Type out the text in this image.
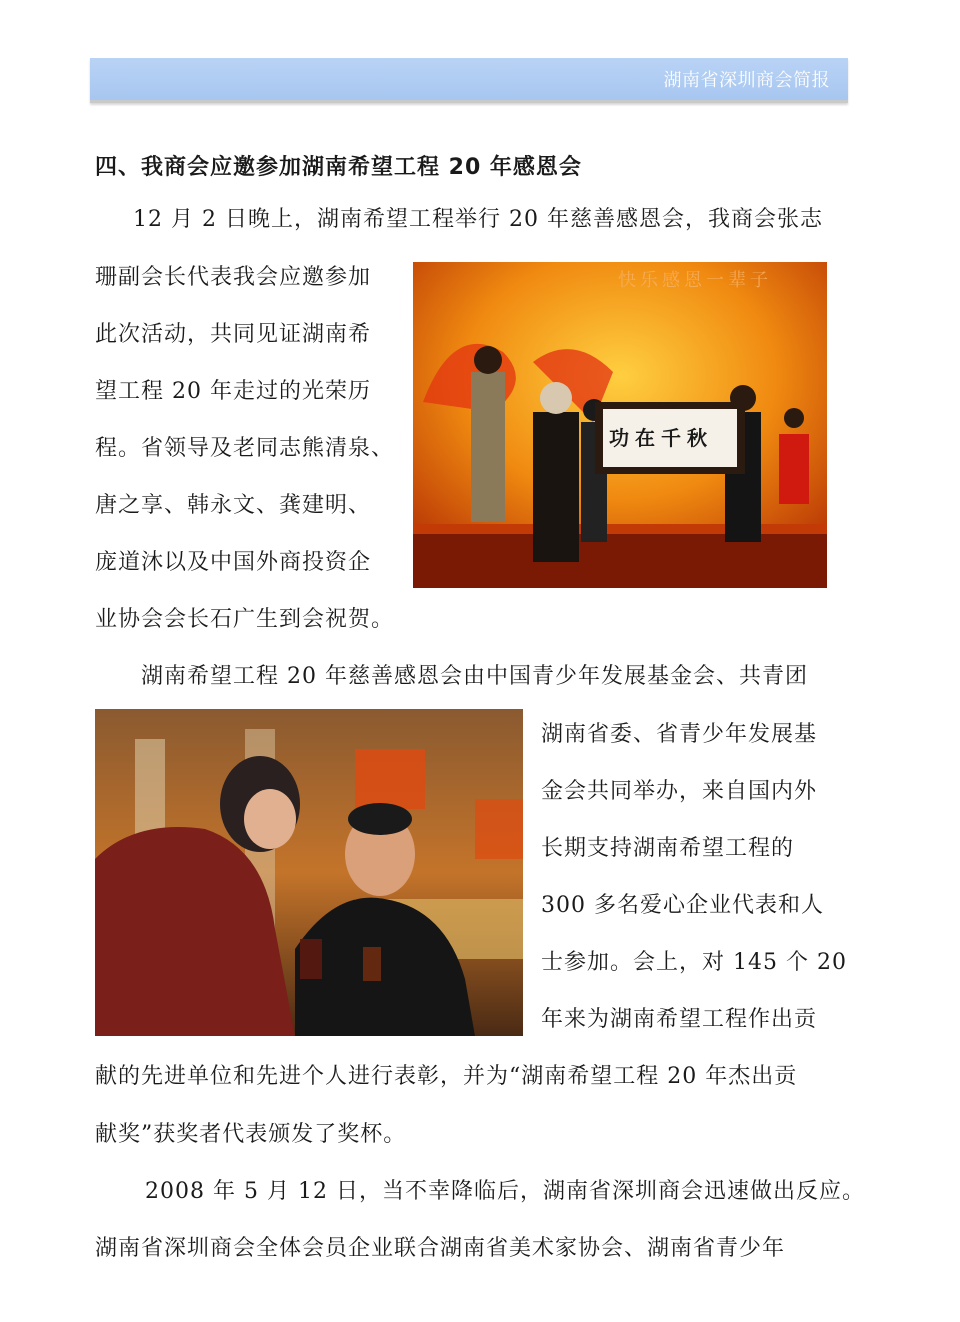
湖南省深圳商会简报
四、我商会应邀参加湖南希望工程 20 年感恩会
12 月 2 日晚上，湖南希望工程举行 20 年慈善感恩会，我商会张志
珊副会长代表我会应邀参加
此次活动，共同见证湖南希
望工程 20 年走过的光荣历
程。省领导及老同志熊清泉、
唐之享、韩永文、龚建明、
庞道沐以及中国外商投资企
业协会会长石广生到会祝贺。
快乐感恩一辈子
功在千秋
湖南希望工程 20 年慈善感恩会由中国青少年发展基金会、共青团
湖南省委、省青少年发展基
金会共同举办，来自国内外
长期支持湖南希望工程的
300 多名爱心企业代表和人
士参加。会上，对 145 个 20
年来为湖南希望工程作出贡
献的先进单位和先进个人进行表彰，并为“湖南希望工程 20 年杰出贡
献奖”获奖者代表颁发了奖杯。
2008 年 5 月 12 日，当不幸降临后，湖南省深圳商会迅速做出反应。
湖南省深圳商会全体会员企业联合湖南省美术家协会、湖南省青少年
